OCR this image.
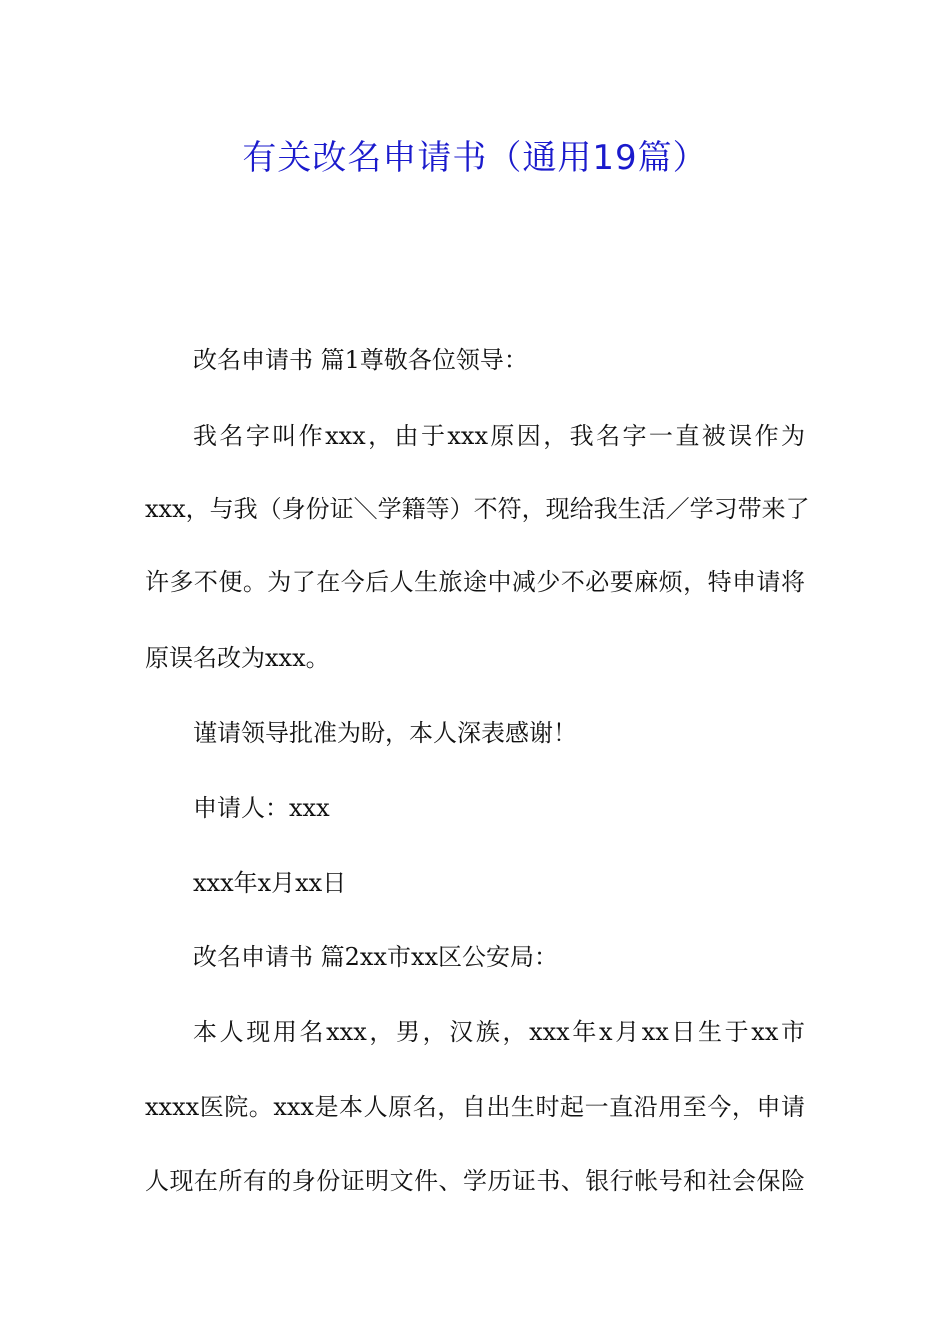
有关改名申请书（通用19篇）
改名申请书 篇1尊敬各位领导：
我名字叫作xxx，由于xxx原因，我名字一直被误作为
xxx，与我（身份证＼学籍等）不符，现给我生活／学习带来了
许多不便。为了在今后人生旅途中减少不必要麻烦，特申请将
原误名改为xxx。
谨请领导批准为盼，本人深表感谢！
申请人：xxx
xxx年x月xx日
改名申请书 篇2xx市xx区公安局：
本人现用名xxx，男，汉族，xxx年x月xx日生于xx市
xxxx医院。xxx是本人原名，自出生时起一直沿用至今，申请
人现在所有的身份证明文件、学历证书、银行帐号和社会保险
